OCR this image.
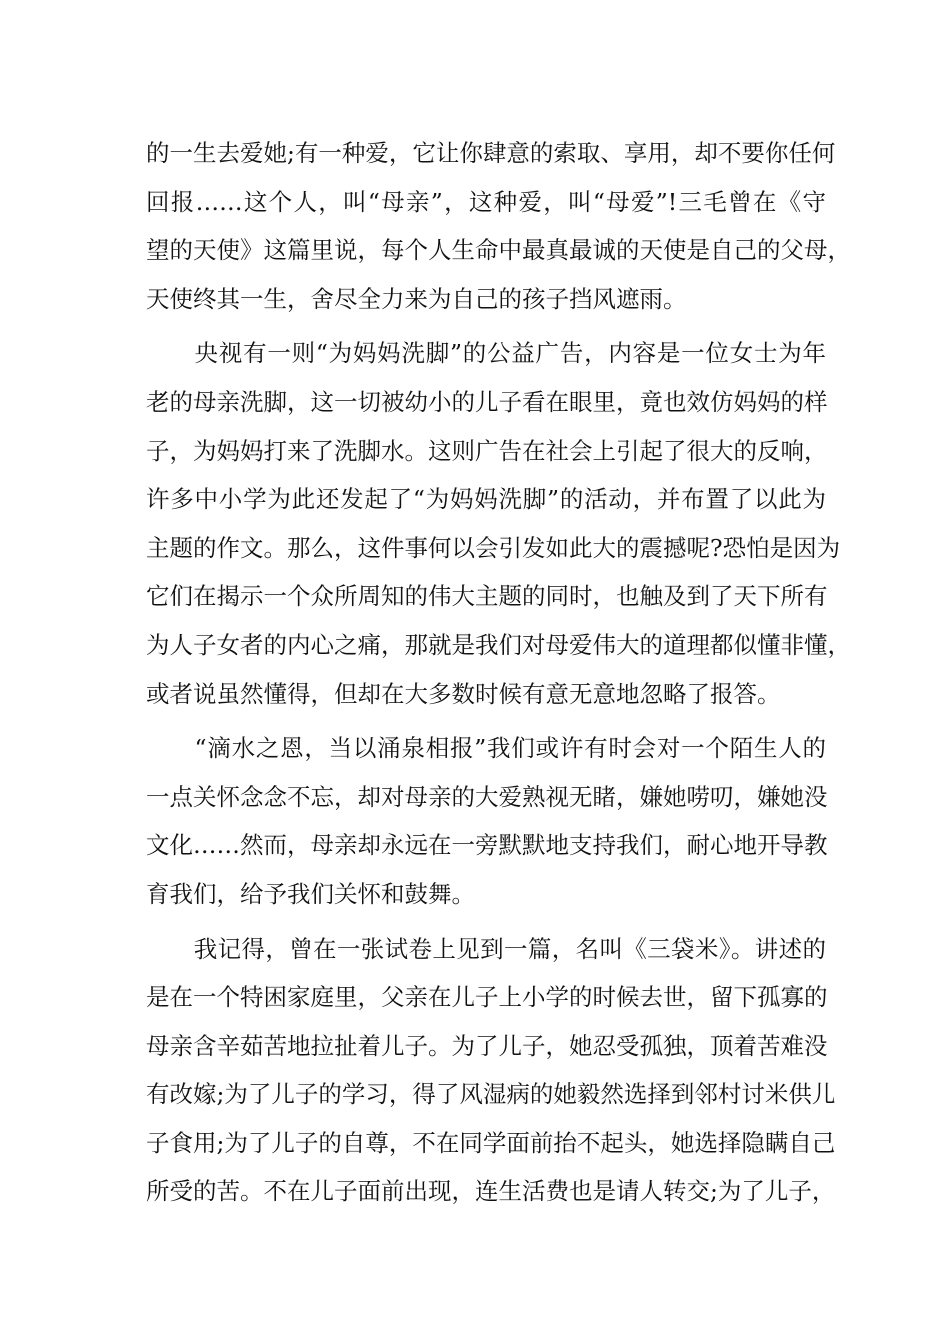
的一生去爱她;有一种爱，它让你肆意的索取、享用，却不要你任何
回报……这个人，叫“母亲”，这种爱，叫“母爱”!三毛曾在《守
望的天使》这篇里说，每个人生命中最真最诚的天使是自己的父母，
天使终其一生，舍尽全力来为自己的孩子挡风遮雨。
　　央视有一则“为妈妈洗脚”的公益广告，内容是一位女士为年
老的母亲洗脚，这一切被幼小的儿子看在眼里，竟也效仿妈妈的样
子，为妈妈打来了洗脚水。这则广告在社会上引起了很大的反响，
许多中小学为此还发起了“为妈妈洗脚”的活动，并布置了以此为
主题的作文。那么，这件事何以会引发如此大的震撼呢?恐怕是因为
它们在揭示一个众所周知的伟大主题的同时，也触及到了天下所有
为人子女者的内心之痛，那就是我们对母爱伟大的道理都似懂非懂，
或者说虽然懂得，但却在大多数时候有意无意地忽略了报答。
　　“滴水之恩，当以涌泉相报”我们或许有时会对一个陌生人的
一点关怀念念不忘，却对母亲的大爱熟视无睹，嫌她唠叨，嫌她没
文化……然而，母亲却永远在一旁默默地支持我们，耐心地开导教
育我们，给予我们关怀和鼓舞。
　　我记得，曾在一张试卷上见到一篇，名叫《三袋米》。讲述的
是在一个特困家庭里，父亲在儿子上小学的时候去世，留下孤寡的
母亲含辛茹苦地拉扯着儿子。为了儿子，她忍受孤独，顶着苦难没
有改嫁;为了儿子的学习，得了风湿病的她毅然选择到邻村讨米供儿
子食用;为了儿子的自尊，不在同学面前抬不起头，她选择隐瞒自己
所受的苦。不在儿子面前出现，连生活费也是请人转交;为了儿子，
